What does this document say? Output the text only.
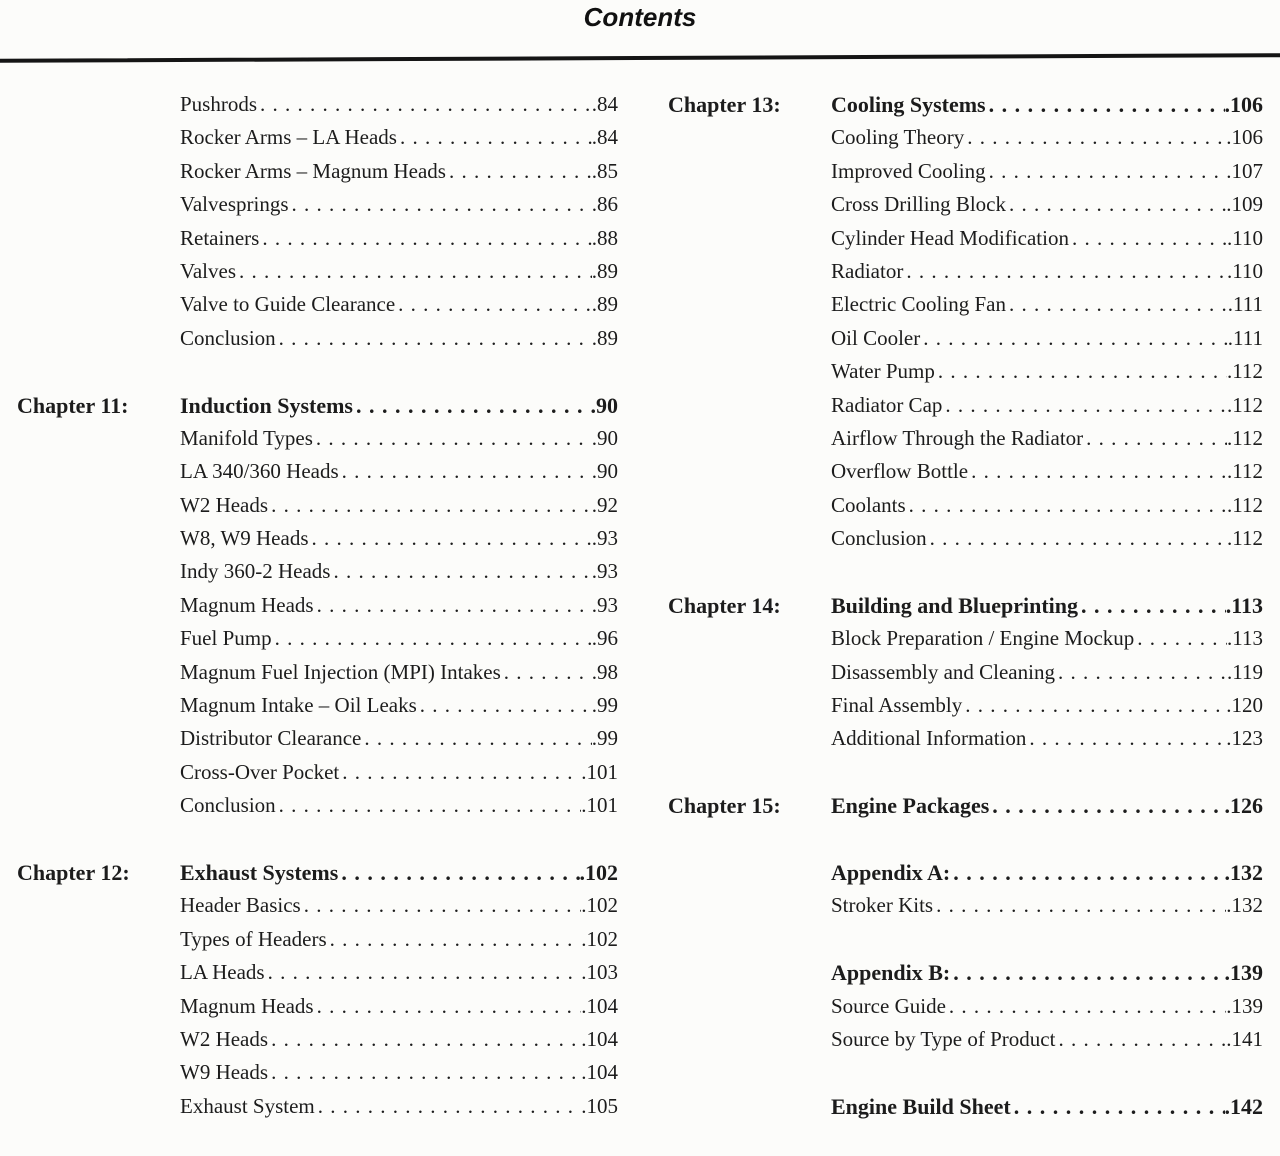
Contents
Pushrods . . .	. 84
Rocker Arms – LA Heads . . .	. 84
Rocker Arms – Magnum Heads . . .	. 85
Valvesprings . . .	. 86
Retainers . . .	. 88
Valves . . .	. 89
Valve to Guide Clearance . . .	. 89
Conclusion . . .	. 89
Chapter 11: Induction Systems . . .	. 90
Manifold Types . . .	. 90
LA 340/360 Heads . . .	. 90
W2 Heads . . .	. 92
W8, W9 Heads . . .	. 93
Indy 360-2 Heads . . .	. 93
Magnum Heads . . .	. 93
Fuel Pump . . .	. 96
Magnum Fuel Injection (MPI) Intakes . . .	. 98
Magnum Intake – Oil Leaks . . .	. 99
Distributor Clearance . . .	. 99
Cross-Over Pocket . . .	. 101
Conclusion . . .	. 101
Chapter 12: Exhaust Systems . . .	. 102
Header Basics . . .	. 102
Types of Headers . . .	. 102
LA Heads . . .	. 103
Magnum Heads . . .	. 104
W2 Heads . . .	. 104
W9 Heads . . .	. 104
Exhaust System . . .	. 105
Chapter 13: Cooling Systems . . .	. 106
Cooling Theory . . .	. 106
Improved Cooling . . .	. 107
Cross Drilling Block . . .	. 109
Cylinder Head Modification . . .	. 110
Radiator . . .	. 110
Electric Cooling Fan . . .	. 111
Oil Cooler . . .	. 111
Water Pump . . .	. 112
Radiator Cap . . .	. 112
Airflow Through the Radiator . . .	. 112
Overflow Bottle . . .	. 112
Coolants . . .	. 112
Conclusion . . .	. 112
Chapter 14: Building and Blueprinting . . .	. 113
Block Preparation / Engine Mockup . . .	. 113
Disassembly and Cleaning . . .	. 119
Final Assembly . . .	. 120
Additional Information . . .	. 123
Chapter 15: Engine Packages . . .	. 126
Appendix A: . . .	. 132
Stroker Kits . . .	. 132
Appendix B: . . .	. 139
Source Guide . . .	. 139
Source by Type of Product . . .	. 141
Engine Build Sheet . . .	. 142
